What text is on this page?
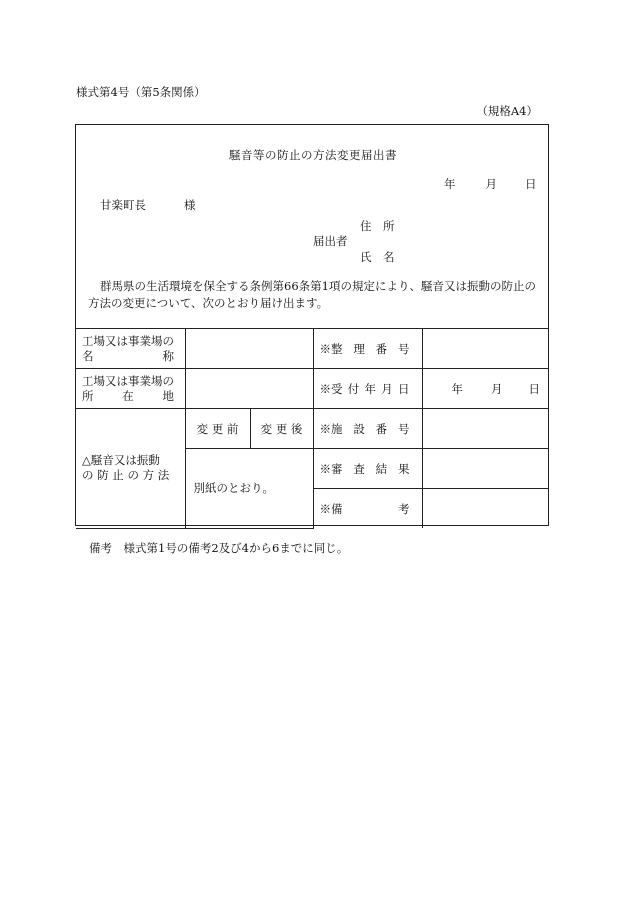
様式第4号（第5条関係）
（規格A4）
騒音等の防止の方法変更届出書
年	月 日
甘楽町長	様
住　所
届出者
氏　名
群馬県の生活環境を保全する条例第66条第1項の規定により、騒音又は振動の防止の方法の変更について、次のとおり届け出ます。
工場又は事業場の
名 称			※整 理 番 号	

工場又は事業場の
所 在 地			※受 付 年 月 日	年 月 日

△騒音又は振動
の 防 止 の 方 法	変 更 前	変 更 後	※施 設 番 号	

	別紙のとおり。		※審 査 結 果	

			※備 考	

備考　様式第1号の備考2及び4から6までに同じ。
